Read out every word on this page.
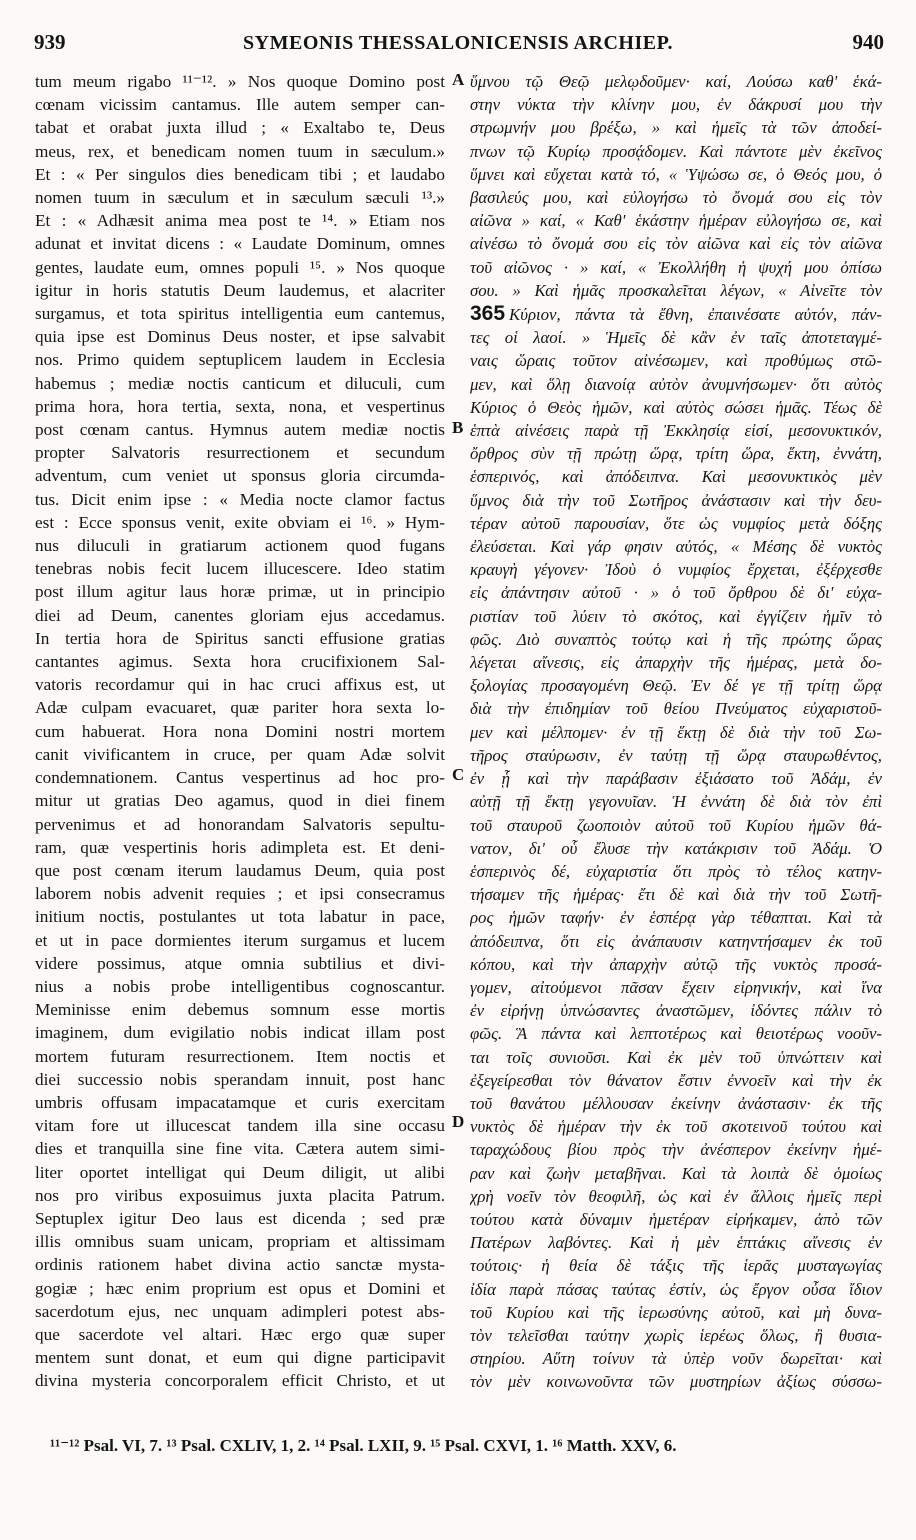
939	SYMEONIS THESSALONICENSIS ARCHIEP.	940
tum meum rigabo ¹¹⁻¹². » Nos quoque Domino post
cœnam vicissim cantamus. Ille autem semper can-
tabat et orabat juxta illud ; « Exaltabo te, Deus
meus, rex, et benedicam nomen tuum in sæculum.»
Et : « Per singulos dies benedicam tibi ; et laudabo
nomen tuum in sæculum et in sæculum sæculi ¹³.»
Et : « Adhæsit anima mea post te ¹⁴. » Etiam nos
adunat et invitat dicens : « Laudate Dominum, omnes
gentes, laudate eum, omnes populi ¹⁵. » Nos quoque
igitur in horis statutis Deum laudemus, et alacriter
surgamus, et tota spiritus intelligentia eum cantemus,
quia ipse est Dominus Deus noster, et ipse salvabit
nos. Primo quidem septuplicem laudem in Ecclesia
habemus ; mediæ noctis canticum et diluculi, cum
prima hora, hora tertia, sexta, nona, et vespertinus
post cœnam cantus. Hymnus autem mediæ noctis
propter Salvatoris resurrectionem et secundum
adventum, cum veniet ut sponsus gloria circumda-
tus. Dicit enim ipse : « Media nocte clamor factus
est : Ecce sponsus venit, exite obviam ei ¹⁶. » Hym-
nus diluculi in gratiarum actionem quod fugans
tenebras nobis fecit lucem illucescere. Ideo statim
post illum agitur laus horæ primæ, ut in principio
diei ad Deum, canentes gloriam ejus accedamus.
In tertia hora de Spiritus sancti effusione gratias
cantantes agimus. Sexta hora crucifixionem Sal-
vatoris recordamur qui in hac cruci affixus est, ut
Adæ culpam evacuaret, quæ pariter hora sexta lo-
cum habuerat. Hora nona Domini nostri mortem
canit vivificantem in cruce, per quam Adæ solvit
condemnationem. Cantus vespertinus ad hoc pro-
mitur ut gratias Deo agamus, quod in diei finem
pervenimus et ad honorandam Salvatoris sepultu-
ram, quæ vespertinis horis adimpleta est. Et deni-
que post cœnam iterum laudamus Deum, quia post
laborem nobis advenit requies ; et ipsi consecramus
initium noctis, postulantes ut tota labatur in pace,
et ut in pace dormientes iterum surgamus et lucem
videre possimus, atque omnia subtilius et divi-
nius a nobis probe intelligentibus cognoscantur.
Meminisse enim debemus somnum esse mortis
imaginem, dum evigilatio nobis indicat illam post
mortem futuram resurrectionem. Item noctis et
diei successio nobis sperandam innuit, post hanc
umbris offusam impacatamque et curis exercitam
vitam fore ut illucescat tandem illa sine occasu
dies et tranquilla sine fine vita. Cætera autem simi-
liter oportet intelligat qui Deum diligit, ut alibi
nos pro viribus exposuimus juxta placita Patrum.
Septuplex igitur Deo laus est dicenda ; sed præ
illis omnibus suam unicam, propriam et altissimam
ordinis rationem habet divina actio sanctæ mysta-
gogiæ ; hæc enim proprium est opus et Domini et
sacerdotum ejus, nec unquam adimpleri potest abs-
que sacerdote vel altari. Hæc ergo quæ super
mentem sunt donat, et eum qui digne participavit
divina mysteria concorporalem efficit Christo, et ut
ὕμνου τῷ Θεῷ μελῳδοῦμεν· καί, Λούσω καθ' ἑκά-
στην νύκτα τὴν κλίνην μου, ἐν δάκρυσί μου τὴν
στρωμνήν μου βρέξω, » καὶ ἡμεῖς τὰ τῶν ἀποδεί-
πνων τῷ Κυρίῳ προσᾴδομεν. Καὶ πάντοτε μὲν ἐκεῖνος
ὕμνει καὶ εὔχεται κατὰ τό, « Ὑψώσω σε, ὁ Θεός μου, ὁ
βασιλεύς μου, καὶ εὐλογήσω τὸ ὄνομά σου εἰς τὸν
αἰῶνα » καί, « Καθ' ἑκάστην ἡμέραν εὐλογήσω σε, καὶ
αἰνέσω τὸ ὄνομά σου εἰς τὸν αἰῶνα καὶ εἰς τὸν αἰῶνα
τοῦ αἰῶνος · » καί, « Ἐκολλήθη ἡ ψυχή μου ὀπίσω
σου. » Καὶ ἡμᾶς προσκαλεῖται λέγων, « Αἰνεῖτε τὸν
365 Κύριον, πάντα τὰ ἔθνη, ἐπαινέσατε αὐτόν, πάν-
τες οἱ λαοί. » Ἡμεῖς δὲ κἂν ἐν ταῖς ἀποτεταγμέ-
ναις ὥραις τοῦτον αἰνέσωμεν, καὶ προθύμως στῶ-
μεν, καὶ ὅλῃ διανοίᾳ αὐτὸν ἀνυμνήσωμεν· ὅτι αὐτὸς
Κύριος ὁ Θεὸς ἡμῶν, καὶ αὐτὸς σώσει ἡμᾶς. Τέως δὲ
ἑπτὰ αἰνέσεις παρὰ τῇ Ἐκκλησίᾳ εἰσί, μεσονυκτικόν,
ὄρθρος σὺν τῇ πρώτῃ ὥρᾳ, τρίτη ὥρα, ἕκτη, ἐννάτη,
ἑσπερινός, καὶ ἀπόδειπνα. Καὶ μεσονυκτικὸς μὲν
ὕμνος διὰ τὴν τοῦ Σωτῆρος ἀνάστασιν καὶ τὴν δευ-
τέραν αὐτοῦ παρουσίαν, ὅτε ὡς νυμφίος μετὰ δόξης
ἐλεύσεται. Καὶ γάρ φησιν αὐτός, « Μέσης δὲ νυκτὸς
κραυγὴ γέγονεν· Ἰδοὺ ὁ νυμφίος ἔρχεται, ἐξέρχεσθε
εἰς ἀπάντησιν αὐτοῦ · » ὁ τοῦ ὄρθρου δὲ δι' εὐχα-
ριστίαν τοῦ λύειν τὸ σκότος, καὶ ἐγγίζειν ἡμῖν τὸ
φῶς. Διὸ συναπτὸς τούτῳ καὶ ἡ τῆς πρώτης ὥρας
λέγεται αἴνεσις, εἰς ἀπαρχὴν τῆς ἡμέρας, μετὰ δο-
ξολογίας προσαγομένη Θεῷ. Ἐν δέ γε τῇ τρίτῃ ὥρᾳ
διὰ τὴν ἐπιδημίαν τοῦ θείου Πνεύματος εὐχαριστοῦ-
μεν καὶ μέλπομεν· ἐν τῇ ἕκτῃ δὲ διὰ τὴν τοῦ Σω-
τῆρος σταύρωσιν, ἐν ταύτῃ τῇ ὥρᾳ σταυρωθέντος,
ἐν ᾗ καὶ τὴν παράβασιν ἐξιάσατο τοῦ Ἀδάμ, ἐν
αὐτῇ τῇ ἕκτῃ γεγονυῖαν. Ἡ ἐννάτη δὲ διὰ τὸν ἐπὶ
τοῦ σταυροῦ ζωοποιὸν αὐτοῦ τοῦ Κυρίου ἡμῶν θά-
νατον, δι' οὗ ἔλυσε τὴν κατάκρισιν τοῦ Ἀδάμ. Ὁ
ἑσπερινὸς δέ, εὐχαριστία ὅτι πρὸς τὸ τέλος κατην-
τήσαμεν τῆς ἡμέρας· ἔτι δὲ καὶ διὰ τὴν τοῦ Σωτῆ-
ρος ἡμῶν ταφήν· ἐν ἑσπέρᾳ γὰρ τέθαπται. Καὶ τὰ
ἀπόδειπνα, ὅτι εἰς ἀνάπαυσιν κατηντήσαμεν ἐκ τοῦ
κόπου, καὶ τὴν ἀπαρχὴν αὐτῷ τῆς νυκτὸς προσά-
γομεν, αἰτούμενοι πᾶσαν ἔχειν εἰρηνικήν, καὶ ἵνα
ἐν εἰρήνῃ ὑπνώσαντες ἀναστῶμεν, ἰδόντες πάλιν τὸ
φῶς. Ἃ πάντα καὶ λεπτοτέρως καὶ θειοτέρως νοοῦν-
ται τοῖς συνιοῦσι. Καὶ ἐκ μὲν τοῦ ὑπνώττειν καὶ
ἐξεγείρεσθαι τὸν θάνατον ἔστιν ἐννοεῖν καὶ τὴν ἐκ
τοῦ θανάτου μέλλουσαν ἐκείνην ἀνάστασιν· ἐκ τῆς
νυκτὸς δὲ ἡμέραν τὴν ἐκ τοῦ σκοτεινοῦ τούτου καὶ
ταραχώδους βίου πρὸς τὴν ἀνέσπερον ἐκείνην ἡμέ-
ραν καὶ ζωὴν μεταβῆναι. Καὶ τὰ λοιπὰ δὲ ὁμοίως
χρὴ νοεῖν τὸν θεοφιλῆ, ὡς καὶ ἐν ἄλλοις ἡμεῖς περὶ
τούτου κατὰ δύναμιν ἡμετέραν εἰρήκαμεν, ἀπὸ τῶν
Πατέρων λαβόντες. Καὶ ἡ μὲν ἑπτάκις αἴνεσις ἐν
τούτοις· ἡ θεία δὲ τάξις τῆς ἱερᾶς μυσταγωγίας
ἰδία παρὰ πάσας ταύτας ἐστίν, ὡς ἔργον οὖσα ἴδιον
τοῦ Κυρίου καὶ τῆς ἱερωσύνης αὐτοῦ, καὶ μὴ δυνα-
τὸν τελεῖσθαι ταύτην χωρὶς ἱερέως ὅλως, ἢ θυσια-
στηρίου. Αὕτη τοίνυν τὰ ὑπὲρ νοῦν δωρεῖται· καὶ
τὸν μὲν κοινωνοῦντα τῶν μυστηρίων ἀξίως σύσσω-
A
B
C
D
¹¹⁻¹² Psal. VI, 7. ¹³ Psal. CXLIV, 1, 2. ¹⁴ Psal. LXII, 9. ¹⁵ Psal. CXVI, 1. ¹⁶ Matth. XXV, 6.
